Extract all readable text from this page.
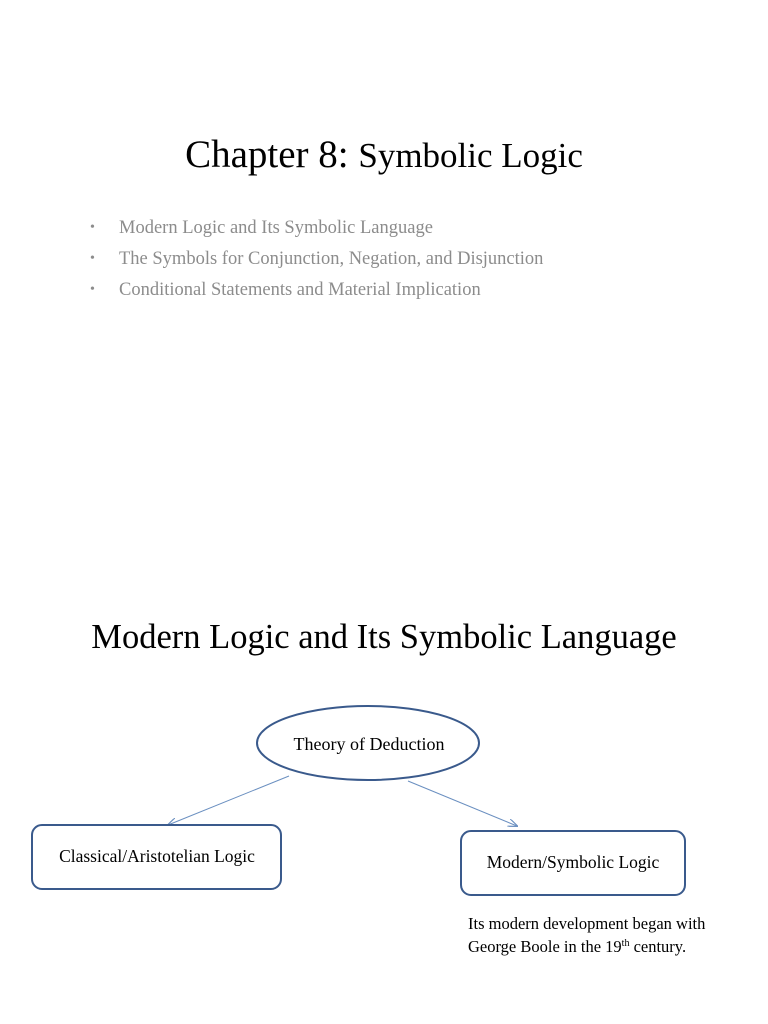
Chapter 8: Symbolic Logic
• Modern Logic and Its Symbolic Language
• The Symbols for Conjunction, Negation, and Disjunction
• Conditional Statements and Material Implication
Modern Logic and Its Symbolic Language
Theory of Deduction
Classical/Aristotelian Logic	Modern/Symbolic Logic
Its modern development began with George Boole in the 19th century.
